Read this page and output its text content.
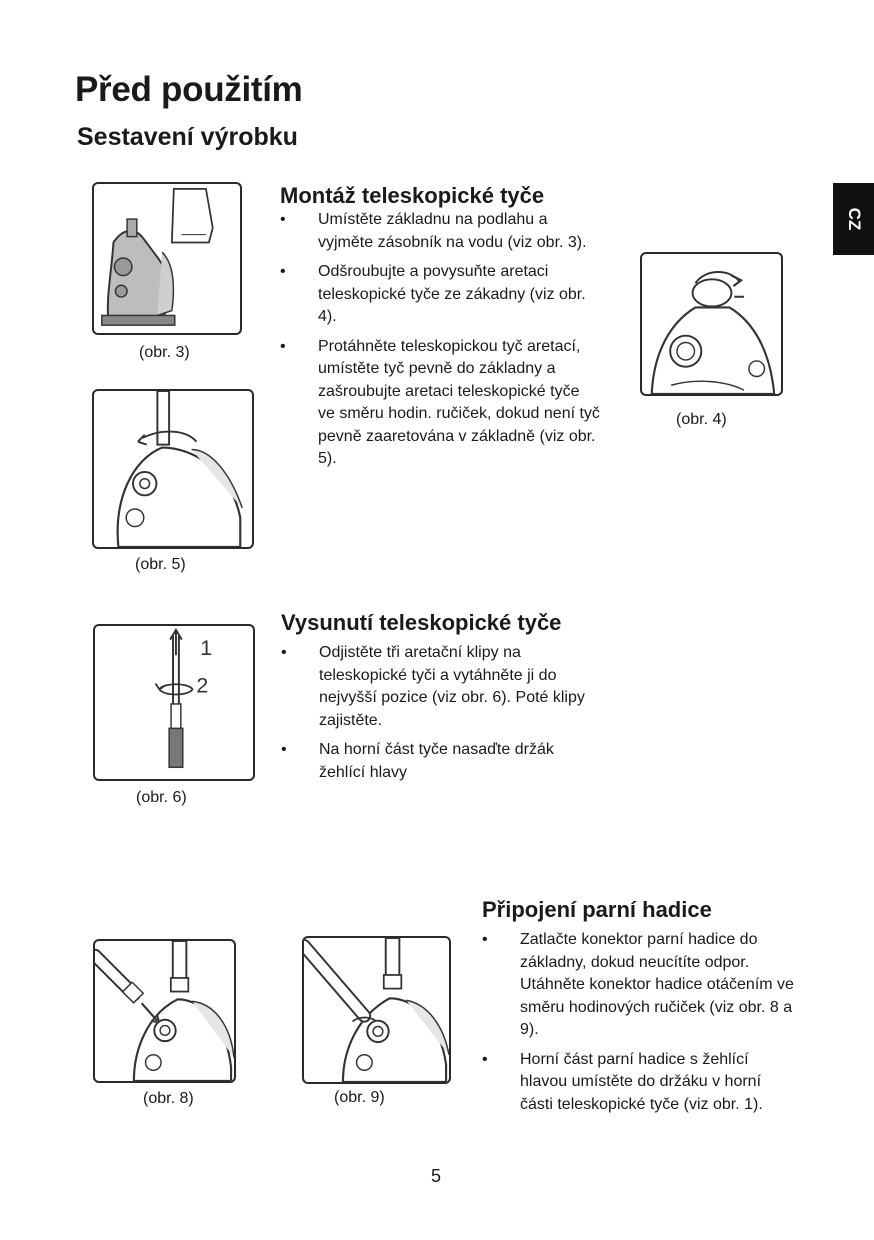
Před použitím
Sestavení výrobku
CZ
(obr. 3)
(obr. 5)
(obr. 4)
Montáž teleskopické tyče
• Umístěte základnu na podlahu a vyjměte zásobník na vodu (viz obr. 3).
• Odšroubujte a povysuňte aretaci teleskopické tyče ze zákadny (viz obr. 4).
• Protáhněte teleskopickou tyč aretací, umístěte tyč pevně do základny a zašroubujte aretaci teleskopické tyče ve směru hodin. ručiček, dokud není tyč pevně zaaretována v základně (viz obr. 5).
1
2
(obr. 6)
Vysunutí teleskopické tyče
• Odjistěte tři aretační klipy na teleskopické tyči a vytáhněte ji do nejvyšší pozice (viz obr. 6). Poté klipy zajistěte.
• Na horní část tyče nasaďte držák žehlící hlavy
(obr. 8)	(obr. 9)
Připojení parní hadice
• Zatlačte konektor parní hadice do základny, dokud neucítíte odpor. Utáhněte konektor hadice otáčením ve směru hodinových ručiček (viz obr. 8 a 9).
• Horní část parní hadice s žehlící hlavou umístěte do držáku v horní části teleskopické tyče (viz obr. 1).
5
